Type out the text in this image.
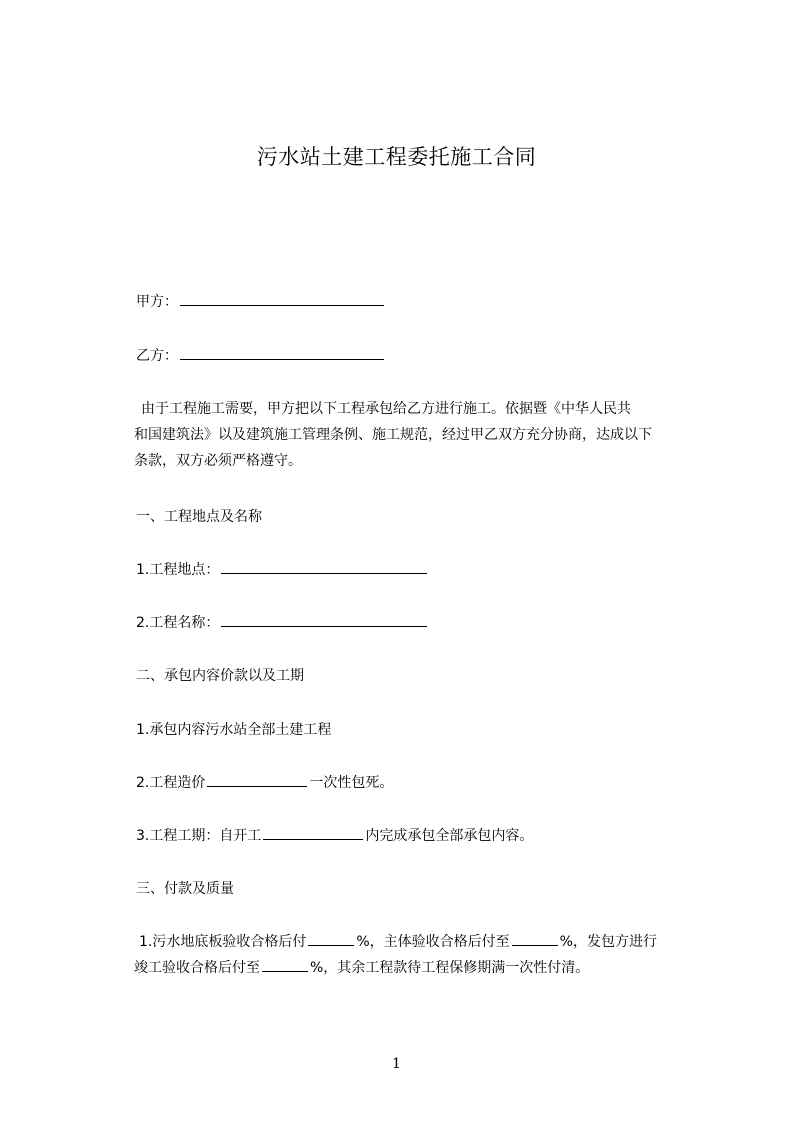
污水站土建工程委托施工合同
甲方：
乙方：
由于工程施工需要，甲方把以下工程承包给乙方进行施工。依据暨《中华人民共
和国建筑法》以及建筑施工管理条例、施工规范，经过甲乙双方充分协商，达成以下
条款，双方必须严格遵守。
一、工程地点及名称
1.工程地点：
2.工程名称：
二、承包内容价款以及工期
1.承包内容污水站全部土建工程
2.工程造价	一次性包死。
3.工程工期：自开工	内完成承包全部承包内容。
三、付款及质量
1.污水地底板验收合格后付	%，主体验收合格后付至	%，发包方进行
竣工验收合格后付至	%，其余工程款待工程保修期满一次性付清。
1
